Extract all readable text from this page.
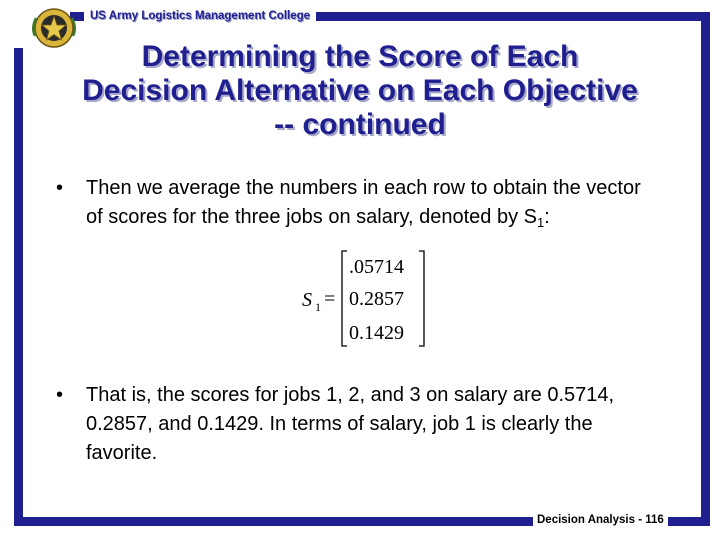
US Army Logistics Management College
Determining the Score of Each Decision Alternative on Each Objective -- continued
• Then we average the numbers in each row to obtain the vector of scores for the three jobs on salary, denoted by $S_1$:
S 1 =
.05714
0.2857
0.1429
• That is, the scores for jobs 1, 2, and 3 on salary are 0.5714, 0.2857, and 0.1429. In terms of salary, job 1 is clearly the favorite.
Decision Analysis - 116
